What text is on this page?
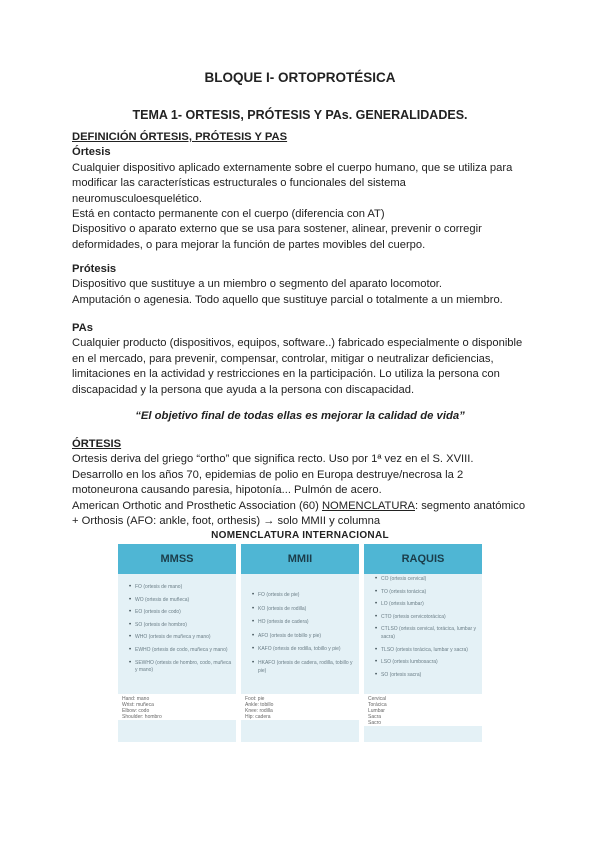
BLOQUE I- ORTOPROTÉSICA
TEMA 1- ORTESIS, PRÓTESIS Y PAs. GENERALIDADES.

DEFINICIÓN ÓRTESIS, PRÓTESIS Y PAS

Órtesis

Cualquier dispositivo aplicado externamente sobre el cuerpo humano, que se utiliza para

modificar las características estructurales o funcionales del sistema

neuromusculoesquelético.

Está en contacto permanente con el cuerpo (diferencia con AT)

Dispositivo o aparato externo que se usa para sostener, alinear, prevenir o corregir

deformidades, o para mejorar la función de partes movibles del cuerpo.

Prótesis

Dispositivo que sustituye a un miembro o segmento del aparato locomotor.

Amputación o agenesia. Todo aquello que sustituye parcial o totalmente a un miembro.

PAs

Cualquier producto (dispositivos, equipos, software..) fabricado especialmente o disponible

en el mercado, para prevenir, compensar, controlar, mitigar o neutralizar deficiencias,

limitaciones en la actividad y restricciones en la participación. Lo utiliza la persona con

discapacidad y la persona que ayuda a la persona con discapacidad.

“El objetivo final de todas ellas es mejorar la calidad de vida”

ÓRTESIS

Ortesis deriva del griego “ortho” que significa recto. Uso por 1ª vez en el S. XVIII.

Desarrollo en los años 70, epidemias de polio en Europa destruye/necrosa la 2

motoneurona causando paresia, hipotonía... Pulmón de acero.

American Orthotic and Prosthetic Association (60) NOMENCLATURA: segmento anatómico

+ Orthosis (AFO: ankle, foot, orthesis) → solo MMII y columna

NOMENCLATURA INTERNACIONAL
MMSS
• FO (ortesis de mano)
• WO (ortesis de muñeca)
• EO (ortesis de codo)
• SO (ortesis de hombro)
• WHO (ortesis de muñeca y mano)
• EWHO (ortesis de codo, muñeca y mano)
• SEWHO (ortesis de hombro, codo, muñeca y mano)
Hand: mano
Wrist: muñeca
Elbow: codo
Shoulder: hombro
MMII
• FO (ortesis de pie)
• KO (ortesis de rodilla)
• HO (ortesis de cadera)
• AFO (ortesis de tobillo y pie)
• KAFO (ortesis de rodilla, tobillo y pie)
• HKAFO (ortesis de cadera, rodilla, tobillo y pie)
Foot: pie
Ankle: tobillo
Knee: rodilla
Hip: cadera
RAQUIS
• CO (ortesis cervical)
• TO (ortesis torácica)
• LO (ortesis lumbar)
• CTO (ortesis cervicotorácica)
• CTLSO (ortesis cervical, torácica, lumbar y sacra)
• TLSO (ortesis torácica, lumbar y sacra)
• LSO (ortesis lumbosacra)
• SO (ortesis sacra)
Cervical
Torácica
Lumbar
Sacra
Sacro
